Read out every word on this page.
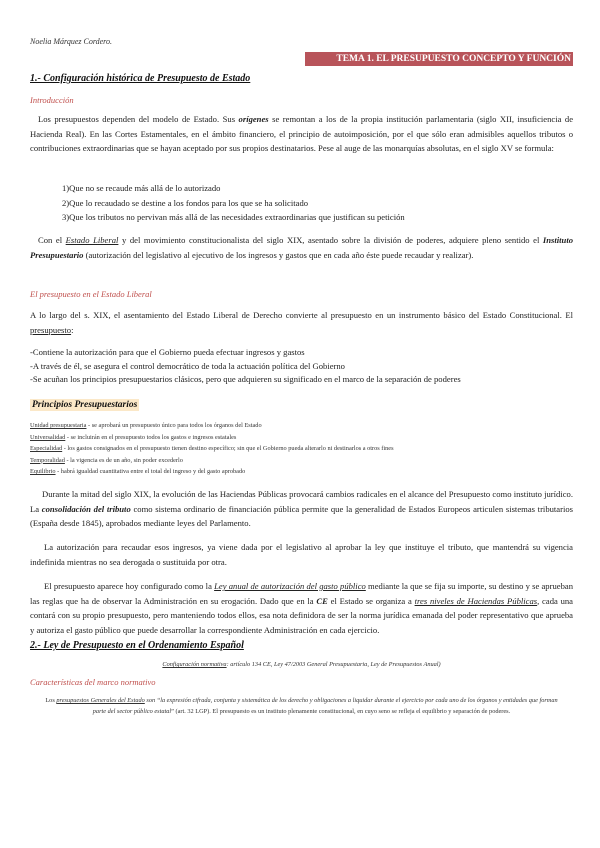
Noelia Márquez Cordero.
TEMA 1. EL PRESUPUESTO CONCEPTO Y FUNCIÓN
1.- Configuración histórica de Presupuesto de Estado
Introducción
Los presupuestos dependen del modelo de Estado. Sus orígenes se remontan a los de la propia institución parlamentaria (siglo XII, insuficiencia de Hacienda Real). En las Cortes Estamentales, en el ámbito financiero, el principio de autoimposición, por el que sólo eran admisibles aquellos tributos o contribuciones extraordinarias que se hayan aceptado por sus propios destinatarios. Pese al auge de las monarquías absolutas, en el siglo XV se formula:
1)Que no se recaude más allá de lo autorizado
2)Que lo recaudado se destine a los fondos para los que se ha solicitado
3)Que los tributos no pervivan más allá de las necesidades extraordinarias que justifican su petición
Con el Estado Liberal y del movimiento constitucionalista del siglo XIX, asentado sobre la división de poderes, adquiere pleno sentido el Instituto Presupuestario (autorización del legislativo al ejecutivo de los ingresos y gastos que en cada año éste puede recaudar y realizar).
El presupuesto en el Estado Liberal
A lo largo del s. XIX, el asentamiento del Estado Liberal de Derecho convierte al presupuesto en un instrumento básico del Estado Constitucional. El presupuesto:
-Contiene la autorización para que el Gobierno pueda efectuar ingresos y gastos
-A través de él, se asegura el control democrático de toda la actuación política del Gobierno
-Se acuñan los principios presupuestarios clásicos, pero que adquieren su significado en el marco de la separación de poderes
Principios Presupuestarios
Unidad presupuestaria - se aprobará un presupuesto único para todos los órganos del Estado
Universalidad - se incluirán en el presupuesto todos los gastos e ingresos estatales
Especialidad - los gastos consignados en el presupuesto tienen destino específico; sin que el Gobierno pueda alterarlo ni destinarlos a otros fines
Temporalidad - la vigencia es de un año, sin poder excederlo
Equilibrio - habrá igualdad cuantitativa entre el total del ingreso y del gasto aprobado
Durante la mitad del siglo XIX, la evolución de las Haciendas Públicas provocará cambios radicales en el alcance del Presupuesto como instituto jurídico. La consolidación del tributo como sistema ordinario de financiación pública permite que la generalidad de Estados Europeos articulen sistemas tributarios (España desde 1845), aprobados mediante leyes del Parlamento.
La autorización para recaudar esos ingresos, ya viene dada por el legislativo al aprobar la ley que instituye el tributo, que mantendrá su vigencia indefinida mientras no sea derogada o sustituida por otra.
El presupuesto aparece hoy configurado como la Ley anual de autorización del gasto público mediante la que se fija su importe, su destino y se aprueban las reglas que ha de observar la Administración en su erogación. Dado que en la CE el Estado se organiza a tres niveles de Haciendas Públicas, cada una contará con su propio presupuesto, pero manteniendo todos ellos, esa nota definidora de ser la norma jurídica emanada del poder representativo que aprueba y autoriza el gasto público que puede desarrollar la correspondiente Administración en cada ejercicio.
2.- Ley de Presupuesto en el Ordenamiento Español
Configuración normativa: artículo 134 CE, Ley 47/2003 General Presupuestaria, Ley de Presupuestos Anual)
Características del marco normativo
Los presupuestos Generales del Estado son “la expresión cifrada, conjunta y sistemática de los derecho y obligaciones a liquidar durante el ejercicio por cada uno de los órganos y entidades que forman parte del sector público estatal” (art. 32 LGP). El presupuesto es un instituto plenamente constitucional, en cuyo seno se refleja el equilibrio y separación de poderes.
